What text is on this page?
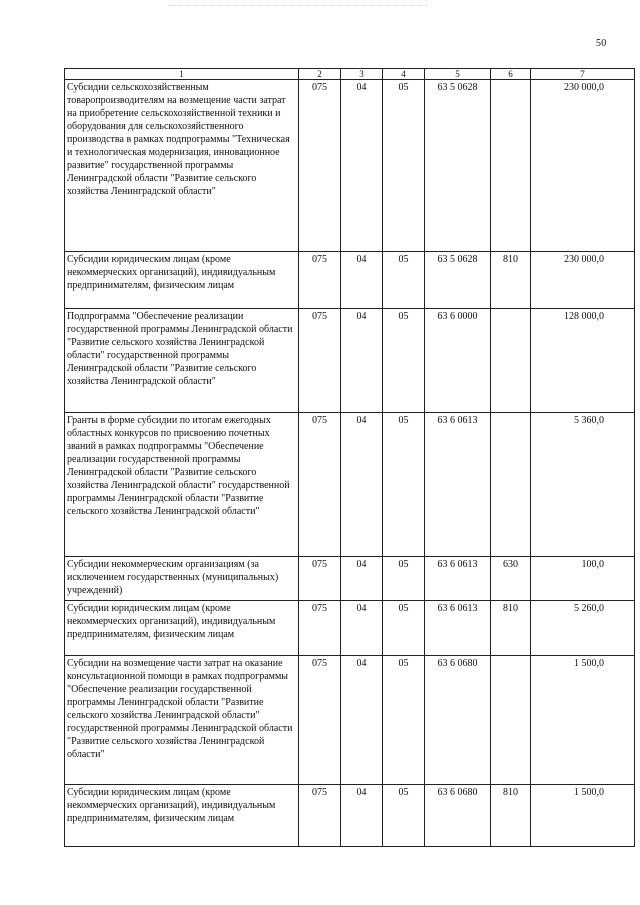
50
1	2	3	4	5	6	7
Субсидии сельскохозяйственным товаропроизводителям на возмещение части затрат на приобретение сельскохозяйственной техники и оборудования для сельскохозяйственного производства в рамках подпрограммы "Техническая и технологическая модернизация, инновационное развитие" государственной программы Ленинградской области "Развитие сельского хозяйства Ленинградской области"	075	04	05	63 5 0628		230 000,0
Субсидии юридическим лицам (кроме некоммерческих организаций), индивидуальным предпринимателям, физическим лицам	075	04	05	63 5 0628	810	230 000,0
Подпрограмма "Обеспечение реализации государственной программы Ленинградской области "Развитие сельского хозяйства Ленинградской области" государственной программы Ленинградской области "Развитие сельского хозяйства Ленинградской области"	075	04	05	63 6 0000		128 000,0
Гранты в форме субсидии по итогам ежегодных областных конкурсов по присвоению почетных званий в рамках подпрограммы "Обеспечение реализации государственной программы Ленинградской области "Развитие сельского хозяйства Ленинградской области" государственной программы Ленинградской области "Развитие сельского хозяйства Ленинградской области"	075	04	05	63 6 0613		5 360,0
Субсидии некоммерческим организациям (за исключением государственных (муниципальных) учреждений)	075	04	05	63 6 0613	630	100,0
Субсидии юридическим лицам (кроме некоммерческих организаций), индивидуальным предпринимателям, физическим лицам	075	04	05	63 6 0613	810	5 260,0
Субсидии на возмещение части затрат на оказание консультационной помощи в рамках подпрограммы "Обеспечение реализации государственной программы Ленинградской области "Развитие сельского хозяйства Ленинградской области" государственной программы Ленинградской области "Развитие сельского хозяйства Ленинградской области"	075	04	05	63 6 0680		1 500,0
Субсидии юридическим лицам (кроме некоммерческих организаций), индивидуальным предпринимателям, физическим лицам	075	04	05	63 6 0680	810	1 500,0
